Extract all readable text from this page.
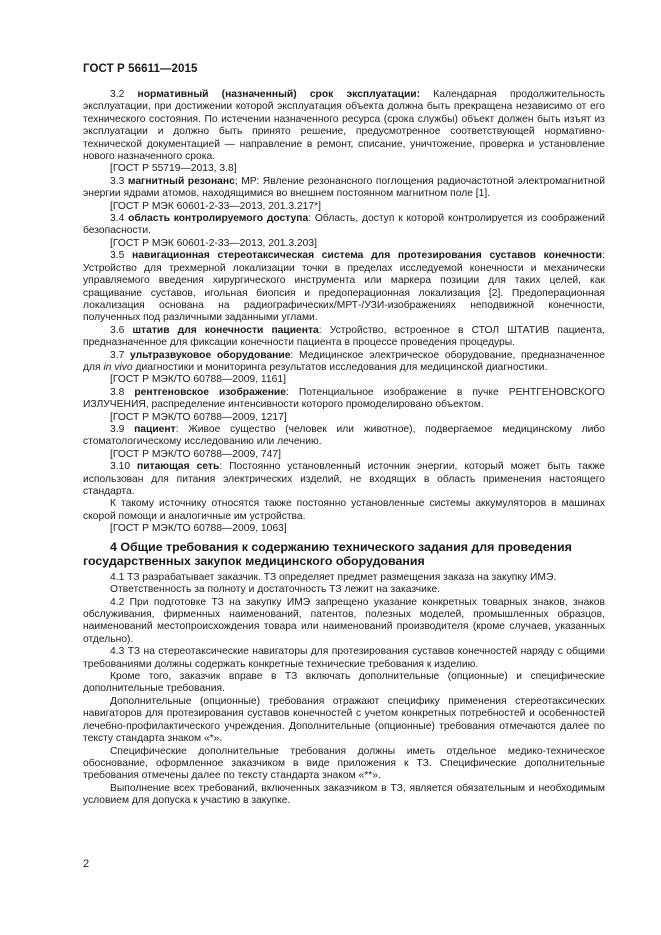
ГОСТ Р 56611—2015

3.2 нормативный (назначенный) срок эксплуатации: Календарная продолжительность эксплуатации, при достижении которой эксплуатация объекта должна быть прекращена независимо от его технического состояния. По истечении назначенного ресурса (срока службы) объект должен быть изъят из эксплуатации и должно быть принято решение, предусмотренное соответствующей нормативно-технической документацией — направление в ремонт, списание, уничтожение, проверка и установление нового назначенного срока.

[ГОСТ Р 55719—2013, 3.8]

3.3 магнитный резонанс; МР: Явление резонансного поглощения радиочастотной электромагнитной энергии ядрами атомов, находящимися во внешнем постоянном магнитном поле [1].

[ГОСТ Р МЭК 60601-2-33—2013, 201.3.217*]

3.4 область контролируемого доступа: Область, доступ к которой контролируется из соображений безопасности.

[ГОСТ Р МЭК 60601-2-33—2013, 201.3.203]

3.5 навигационная стереотаксическая система для протезирования суставов конечности: Устройство для трехмерной локализации точки в пределах исследуемой конечности и механически управляемого введения хирургического инструмента или маркера позиции для таких целей, как сращивание суставов, игольная биопсия и предоперационная локализация [2]. Предоперационная локализация основана на радиографических/МРТ-/УЗИ-изображениях неподвижной конечности, полученных под различными заданными углами.

3.6 штатив для конечности пациента: Устройство, встроенное в СТОЛ ШТАТИВ пациента, предназначенное для фиксации конечности пациента в процессе проведения процедуры.

3.7 ультразвуковое оборудование: Медицинское электрическое оборудование, предназначенное для in vivo диагностики и мониторинга результатов исследования для медицинской диагностики.

[ГОСТ Р МЭК/ТО 60788—2009, 1161]

3.8 рентгеновское изображение: Потенциальное изображение в пучке РЕНТГЕНОВСКОГО ИЗЛУЧЕНИЯ, распределение интенсивности которого промоделировано объектом.

[ГОСТ Р МЭК/ТО 60788—2009, 1217]

3.9 пациент: Живое существо (человек или животное), подвергаемое медицинскому либо стоматологическому исследованию или лечению.

[ГОСТ Р МЭК/ТО 60788—2009, 747]

3.10 питающая сеть: Постоянно установленный источник энергии, который может быть также использован для питания электрических изделий, не входящих в область применения настоящего стандарта.

К такому источнику относятся также постоянно установленные системы аккумуляторов в машинах скорой помощи и аналогичные им устройства.

[ГОСТ Р МЭК/ТО 60788—2009, 1063]

4 Общие требования к содержанию технического задания для проведения государственных закупок медицинского оборудования

4.1 ТЗ разрабатывает заказчик. ТЗ определяет предмет размещения заказа на закупку ИМЭ.

Ответственность за полноту и достаточность ТЗ лежит на заказчике.

4.2 При подготовке ТЗ на закупку ИМЭ запрещено указание конкретных товарных знаков, знаков обслуживания, фирменных наименований, патентов, полезных моделей, промышленных образцов, наименований местопроисхождения товара или наименований производителя (кроме случаев, указанных отдельно).

4.3 ТЗ на стереотаксические навигаторы для протезирования суставов конечностей наряду с общими требованиями должны содержать конкретные технические требования к изделию.

Кроме того, заказчик вправе в ТЗ включать дополнительные (опционные) и специфические дополнительные требования.

Дополнительные (опционные) требования отражают специфику применения стереотаксических навигаторов для протезирования суставов конечностей с учетом конкретных потребностей и особенностей лечебно-профилактического учреждения. Дополнительные (опционные) требования отмечаются далее по тексту стандарта знаком «*».

Специфические дополнительные требования должны иметь отдельное медико-техническое обоснование, оформленное заказчиком в виде приложения к ТЗ. Специфические дополнительные требования отмечены далее по тексту стандарта знаком «**».

Выполнение всех требований, включенных заказчиком в ТЗ, является обязательным и необходимым условием для допуска к участию в закупке.

2
